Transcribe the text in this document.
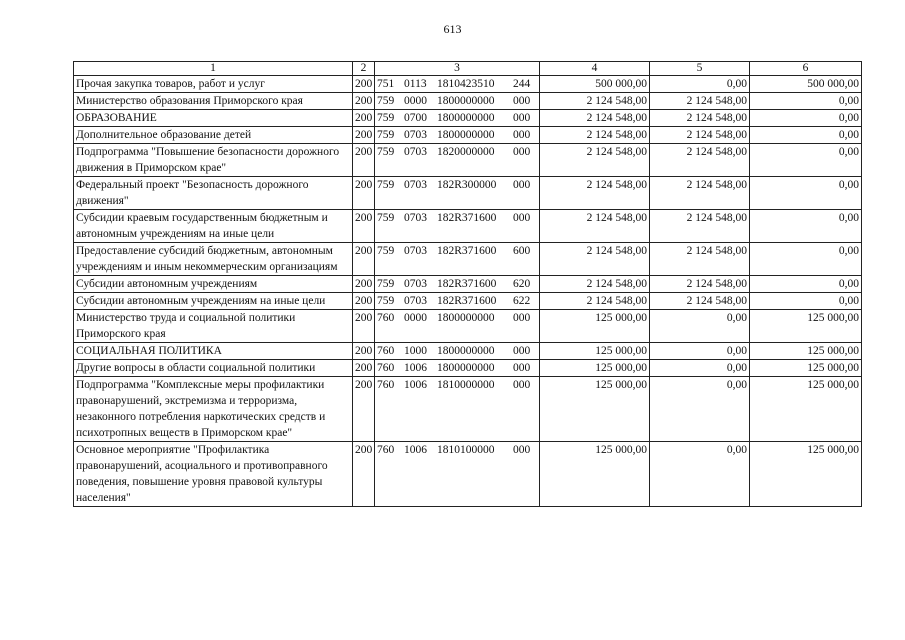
613
1	2	3	4	5	6
Прочая закупка товаров, работ и услуг	200	751 0113 1810423510 244	500 000,00	0,00	500 000,00
Министерство образования Приморского края	200	759 0000 1800000000 000	2 124 548,00	2 124 548,00	0,00
ОБРАЗОВАНИЕ	200	759 0700 1800000000 000	2 124 548,00	2 124 548,00	0,00
Дополнительное образование детей	200	759 0703 1800000000 000	2 124 548,00	2 124 548,00	0,00
Подпрограмма "Повышение безопасности дорожного движения в Приморском крае"	200	759 0703 1820000000 000	2 124 548,00	2 124 548,00	0,00
Федеральный проект "Безопасность дорожного движения"	200	759 0703 182R300000 000	2 124 548,00	2 124 548,00	0,00
Субсидии краевым государственным бюджетным и автономным учреждениям на иные цели	200	759 0703 182R371600 000	2 124 548,00	2 124 548,00	0,00
Предоставление субсидий бюджетным, автономным учреждениям и иным некоммерческим организациям	200	759 0703 182R371600 600	2 124 548,00	2 124 548,00	0,00
Субсидии автономным учреждениям	200	759 0703 182R371600 620	2 124 548,00	2 124 548,00	0,00
Субсидии автономным учреждениям на иные цели	200	759 0703 182R371600 622	2 124 548,00	2 124 548,00	0,00
Министерство труда и социальной политики Приморского края	200	760 0000 1800000000 000	125 000,00	0,00	125 000,00
СОЦИАЛЬНАЯ ПОЛИТИКА	200	760 1000 1800000000 000	125 000,00	0,00	125 000,00
Другие вопросы в области социальной политики	200	760 1006 1800000000 000	125 000,00	0,00	125 000,00
Подпрограмма "Комплексные меры профилактики правонарушений, экстремизма и терроризма, незаконного потребления наркотических средств и психотропных веществ в Приморском крае"	200	760 1006 1810000000 000	125 000,00	0,00	125 000,00
Основное мероприятие "Профилактика правонарушений, асоциального и противоправного поведения, повышение уровня правовой культуры населения"	200	760 1006 1810100000 000	125 000,00	0,00	125 000,00
